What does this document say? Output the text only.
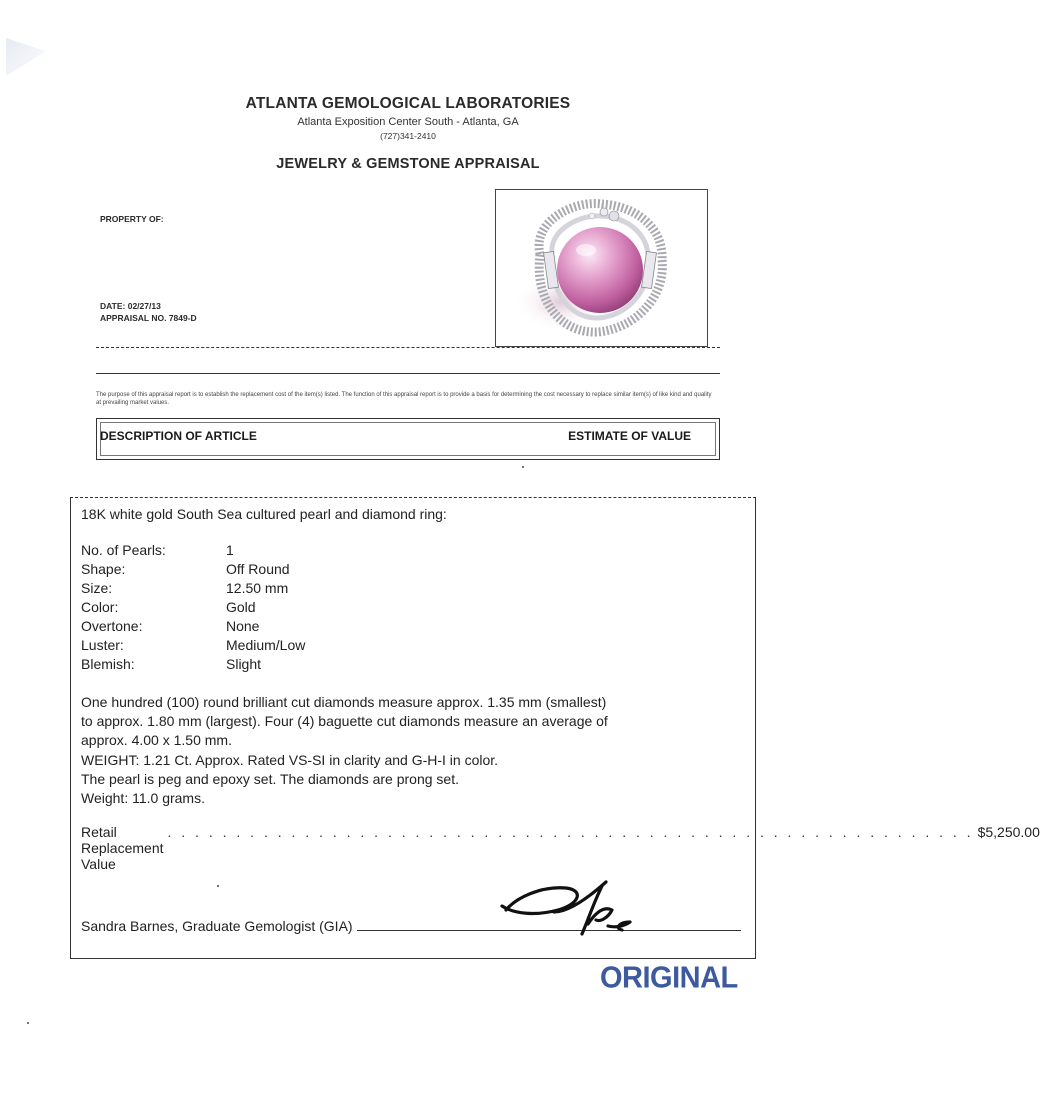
ATLANTA GEMOLOGICAL LABORATORIES
Atlanta Exposition Center South - Atlanta, GA
(727)341-2410
JEWELRY & GEMSTONE APPRAISAL
PROPERTY OF:
DATE: 02/27/13
APPRAISAL NO. 7849-D
The purpose of this appraisal report is to establish the replacement cost of the item(s) listed. The function of this appraisal report is to provide a basis for determining the cost necessary to replace similar item(s) of like kind and quality at prevailing market values.
DESCRIPTION OF ARTICLE	ESTIMATE OF VALUE
18K white gold South Sea cultured pearl and diamond ring:
No. of Pearls:	1
Shape:	Off Round
Size:	12.50 mm
Color:	Gold
Overtone:	None
Luster:	Medium/Low
Blemish:	Slight
One hundred (100) round brilliant cut diamonds measure approx. 1.35 mm (smallest)
to approx. 1.80 mm (largest). Four (4) baguette cut diamonds measure an average of
approx. 4.00 x 1.50 mm.
WEIGHT: 1.21 Ct. Approx. Rated VS-SI in clarity and G-H-I in color.
The pearl is peg and epoxy set. The diamonds are prong set.
Weight: 11.0 grams.
Retail Replacement Value
. . . . . . . . . . . . . . . . . . . . . . . . . . . . . . . . . . . . . . . . . . . . . . . . . . . . . . . . . . . $5,250.00
Sandra Barnes, Graduate Gemologist (GIA)
ORIGINAL
